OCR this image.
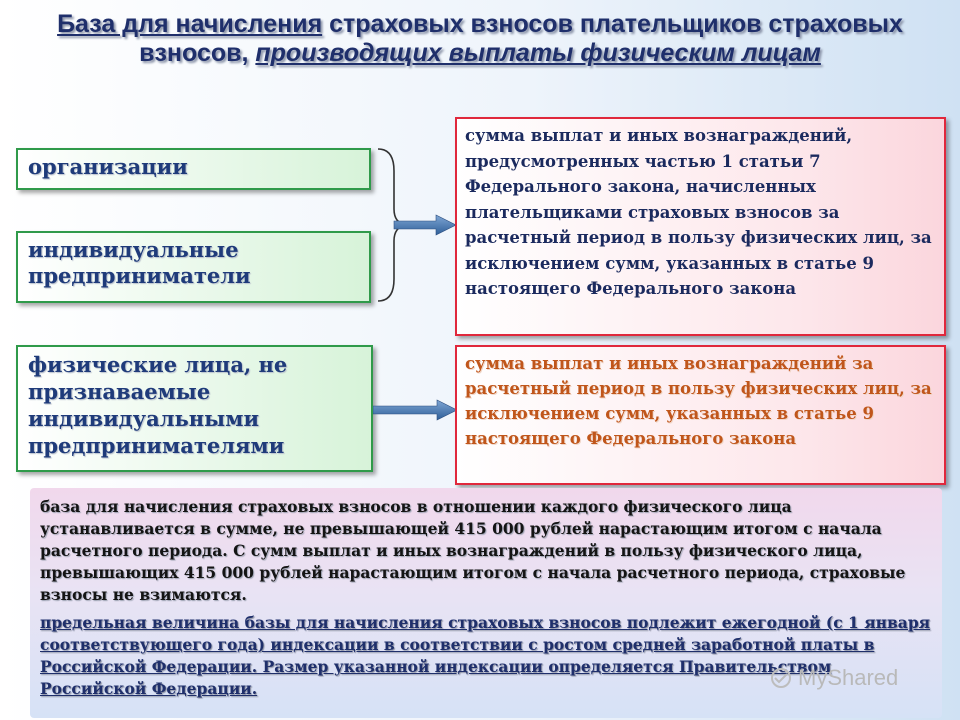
База для начисления страховых взносов плательщиков страховых взносов, производящих выплаты физическим лицам
организации
индивидуальные предприниматели
физические лица, не признаваемые индивидуальными предпринимателями
сумма выплат и иных вознаграждений, предусмотренных частью 1 статьи 7 Федерального закона, начисленных плательщиками страховых взносов за расчетный период в пользу физических лиц, за исключением сумм, указанных в статье 9 настоящего Федерального закона
сумма выплат и иных вознаграждений за расчетный период в пользу физических лиц, за исключением сумм, указанных в статье 9 настоящего Федерального закона

база для начисления страховых взносов в отношении каждого физического лица устанавливается в сумме, не превышающей 415 000 рублей нарастающим итогом с начала расчетного периода. С сумм выплат и иных вознаграждений в пользу физического лица, превышающих 415 000 рублей нарастающим итогом с начала расчетного периода, страховые взносы не взимаются.

предельная величина базы для начисления страховых взносов подлежит ежегодной (с 1 января соответствующего года) индексации в соответствии с ростом средней заработной платы в Российской Федерации. Размер указанной индексации определяется Правительством Российской Федерации.	MyShared
